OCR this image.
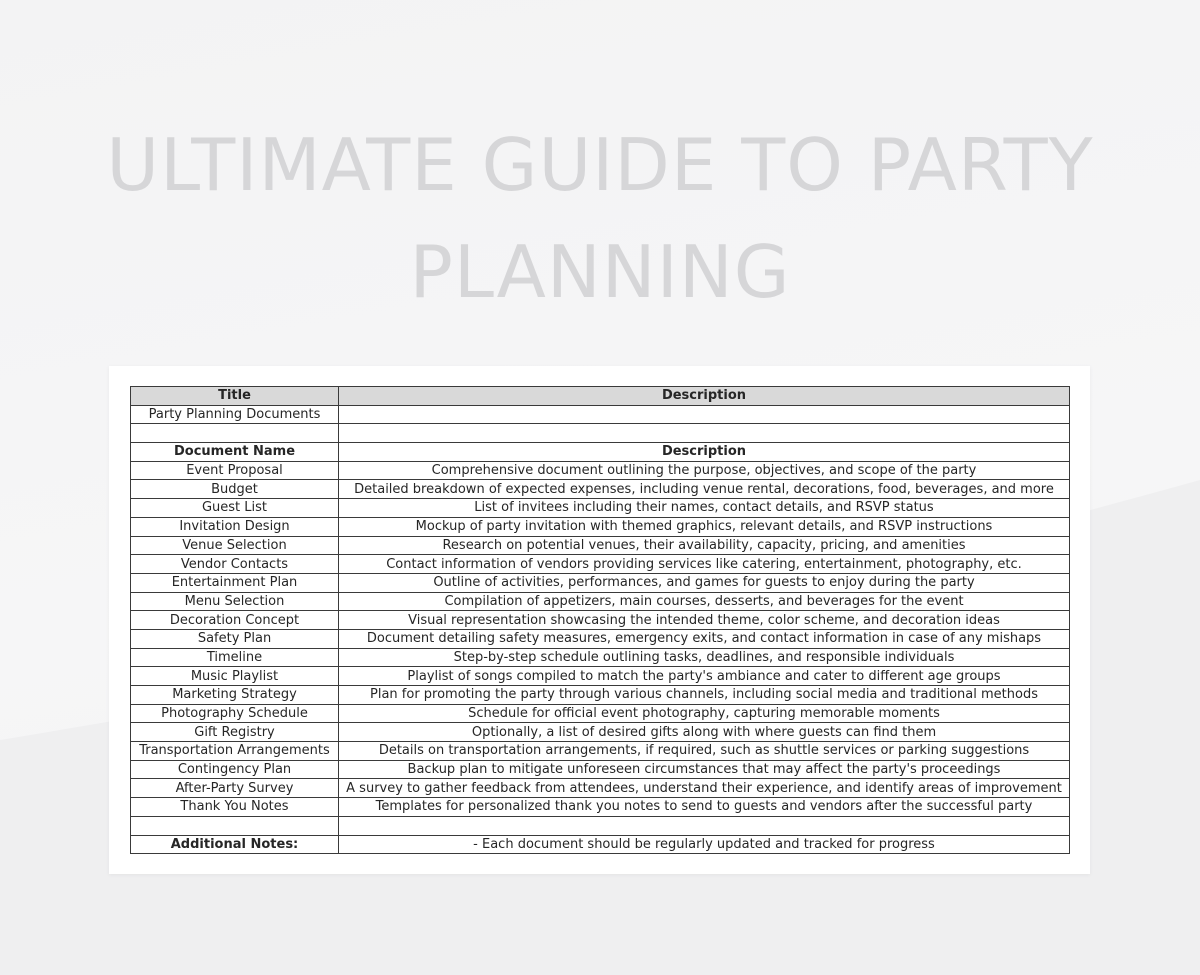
ULTIMATE GUIDE TO PARTY
PLANNING
Title	Description
Party Planning Documents	

Document Name	Description
Event Proposal	Comprehensive document outlining the purpose, objectives, and scope of the party
Budget	Detailed breakdown of expected expenses, including venue rental, decorations, food, beverages, and more
Guest List	List of invitees including their names, contact details, and RSVP status
Invitation Design	Mockup of party invitation with themed graphics, relevant details, and RSVP instructions
Venue Selection	Research on potential venues, their availability, capacity, pricing, and amenities
Vendor Contacts	Contact information of vendors providing services like catering, entertainment, photography, etc.
Entertainment Plan	Outline of activities, performances, and games for guests to enjoy during the party
Menu Selection	Compilation of appetizers, main courses, desserts, and beverages for the event
Decoration Concept	Visual representation showcasing the intended theme, color scheme, and decoration ideas
Safety Plan	Document detailing safety measures, emergency exits, and contact information in case of any mishaps
Timeline	Step-by-step schedule outlining tasks, deadlines, and responsible individuals
Music Playlist	Playlist of songs compiled to match the party's ambiance and cater to different age groups
Marketing Strategy	Plan for promoting the party through various channels, including social media and traditional methods
Photography Schedule	Schedule for official event photography, capturing memorable moments
Gift Registry	Optionally, a list of desired gifts along with where guests can find them
Transportation Arrangements	Details on transportation arrangements, if required, such as shuttle services or parking suggestions
Contingency Plan	Backup plan to mitigate unforeseen circumstances that may affect the party's proceedings
After-Party Survey	A survey to gather feedback from attendees, understand their experience, and identify areas of improvement
Thank You Notes	Templates for personalized thank you notes to send to guests and vendors after the successful party

Additional Notes:	- Each document should be regularly updated and tracked for progress
